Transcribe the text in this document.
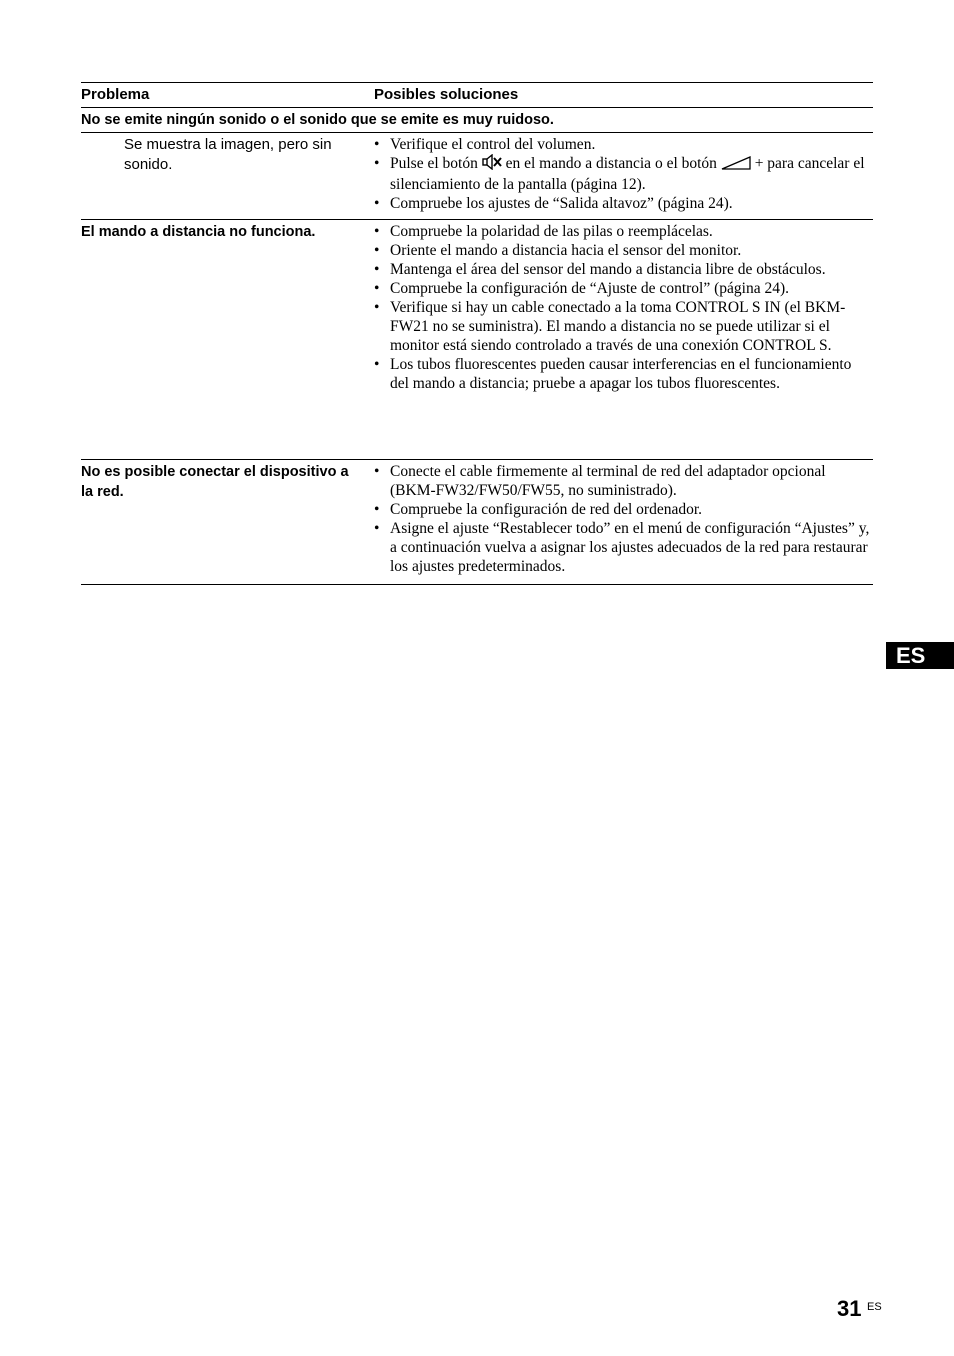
Problema	Posibles soluciones
No se emite ningún sonido o el sonido que se emite es muy ruidoso.
Se muestra la imagen, pero sin sonido.
• Verifique el control del volumen.
• Pulse el botón en el mando a distancia o el botón + para cancelar el silenciamiento de la pantalla (página 12).
• Compruebe los ajustes de “Salida altavoz” (página 24).
El mando a distancia no funciona.
•	Compruebe la polaridad de las pilas o reemplácelas.
• Oriente el mando a distancia hacia el sensor del monitor.
• Mantenga el área del sensor del mando a distancia libre de obstáculos.
• Compruebe la configuración de “Ajuste de control” (página 24).
• Verifique si hay un cable conectado a la toma CONTROL S IN (el BKM-FW21 no se suministra). El mando a distancia no se puede utilizar si el monitor está siendo controlado a través de una conexión CONTROL S.
• Los tubos fluorescentes pueden causar interferencias en el funcionamiento del mando a distancia; pruebe a apagar los tubos fluorescentes.
No es posible conectar el dispositivo a la red.
• Conecte el cable firmemente al terminal de red del adaptador opcional (BKM-FW32/FW50/FW55, no suministrado).
• Compruebe la configuración de red del ordenador.
• Asigne el ajuste “Restablecer todo” en el menú de configuración “Ajustes” y, a continuación vuelva a asignar los ajustes adecuados de la red para restaurar los ajustes predeterminados.
ES
31 ES
